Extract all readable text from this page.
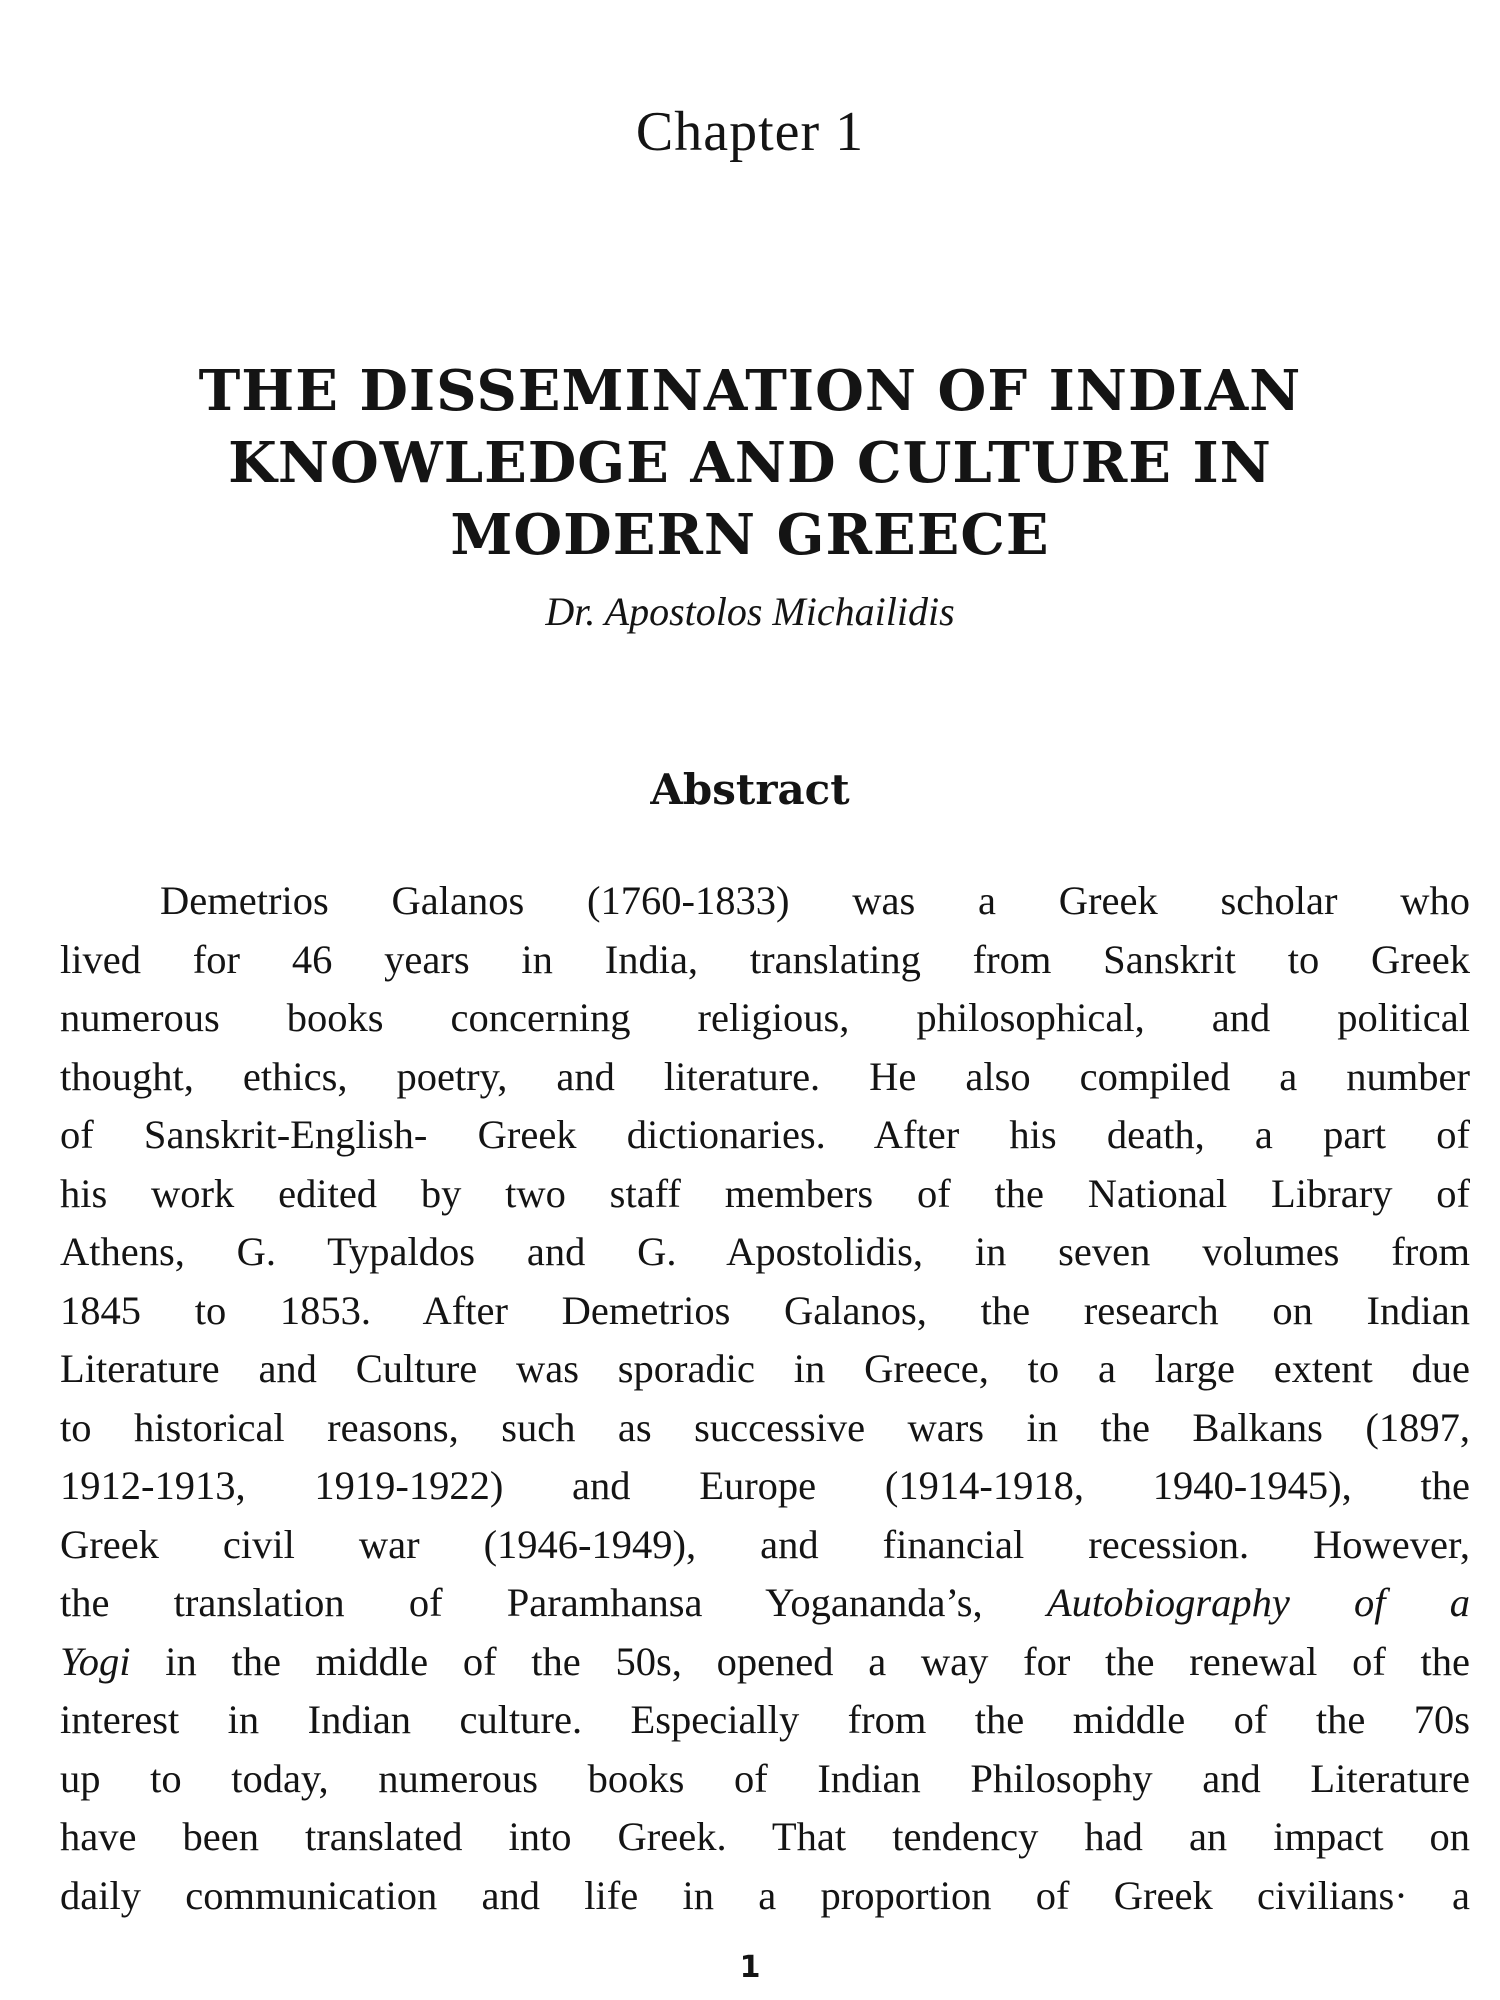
Chapter 1
THE DISSEMINATION OF INDIAN
KNOWLEDGE AND CULTURE IN
MODERN GREECE

Dr. Apostolos Michailidis

Abstract
Demetrios Galanos (1760-1833) was a Greek scholar who
lived for 46 years in India, translating from Sanskrit to Greek
numerous books concerning religious, philosophical, and political
thought, ethics, poetry, and literature. He also compiled a number
of Sanskrit-English- Greek dictionaries. After his death, a part of
his work edited by two staff members of the National Library of
Athens, G. Typaldos and G. Apostolidis, in seven volumes from
1845 to 1853. After Demetrios Galanos, the research on Indian
Literature and Culture was sporadic in Greece, to a large extent due
to historical reasons, such as successive wars in the Balkans (1897,
1912-1913, 1919-1922) and Europe (1914-1918, 1940-1945), the
Greek civil war (1946-1949), and financial recession. However,
the translation of Paramhansa Yogananda’s, Autobiography of a
Yogi in the middle of the 50s, opened a way for the renewal of the
interest in Indian culture. Especially from the middle of the 70s
up to today, numerous books of Indian Philosophy and Literature
have been translated into Greek. That tendency had an impact on
daily communication and life in a proportion of Greek civilians· a

1
